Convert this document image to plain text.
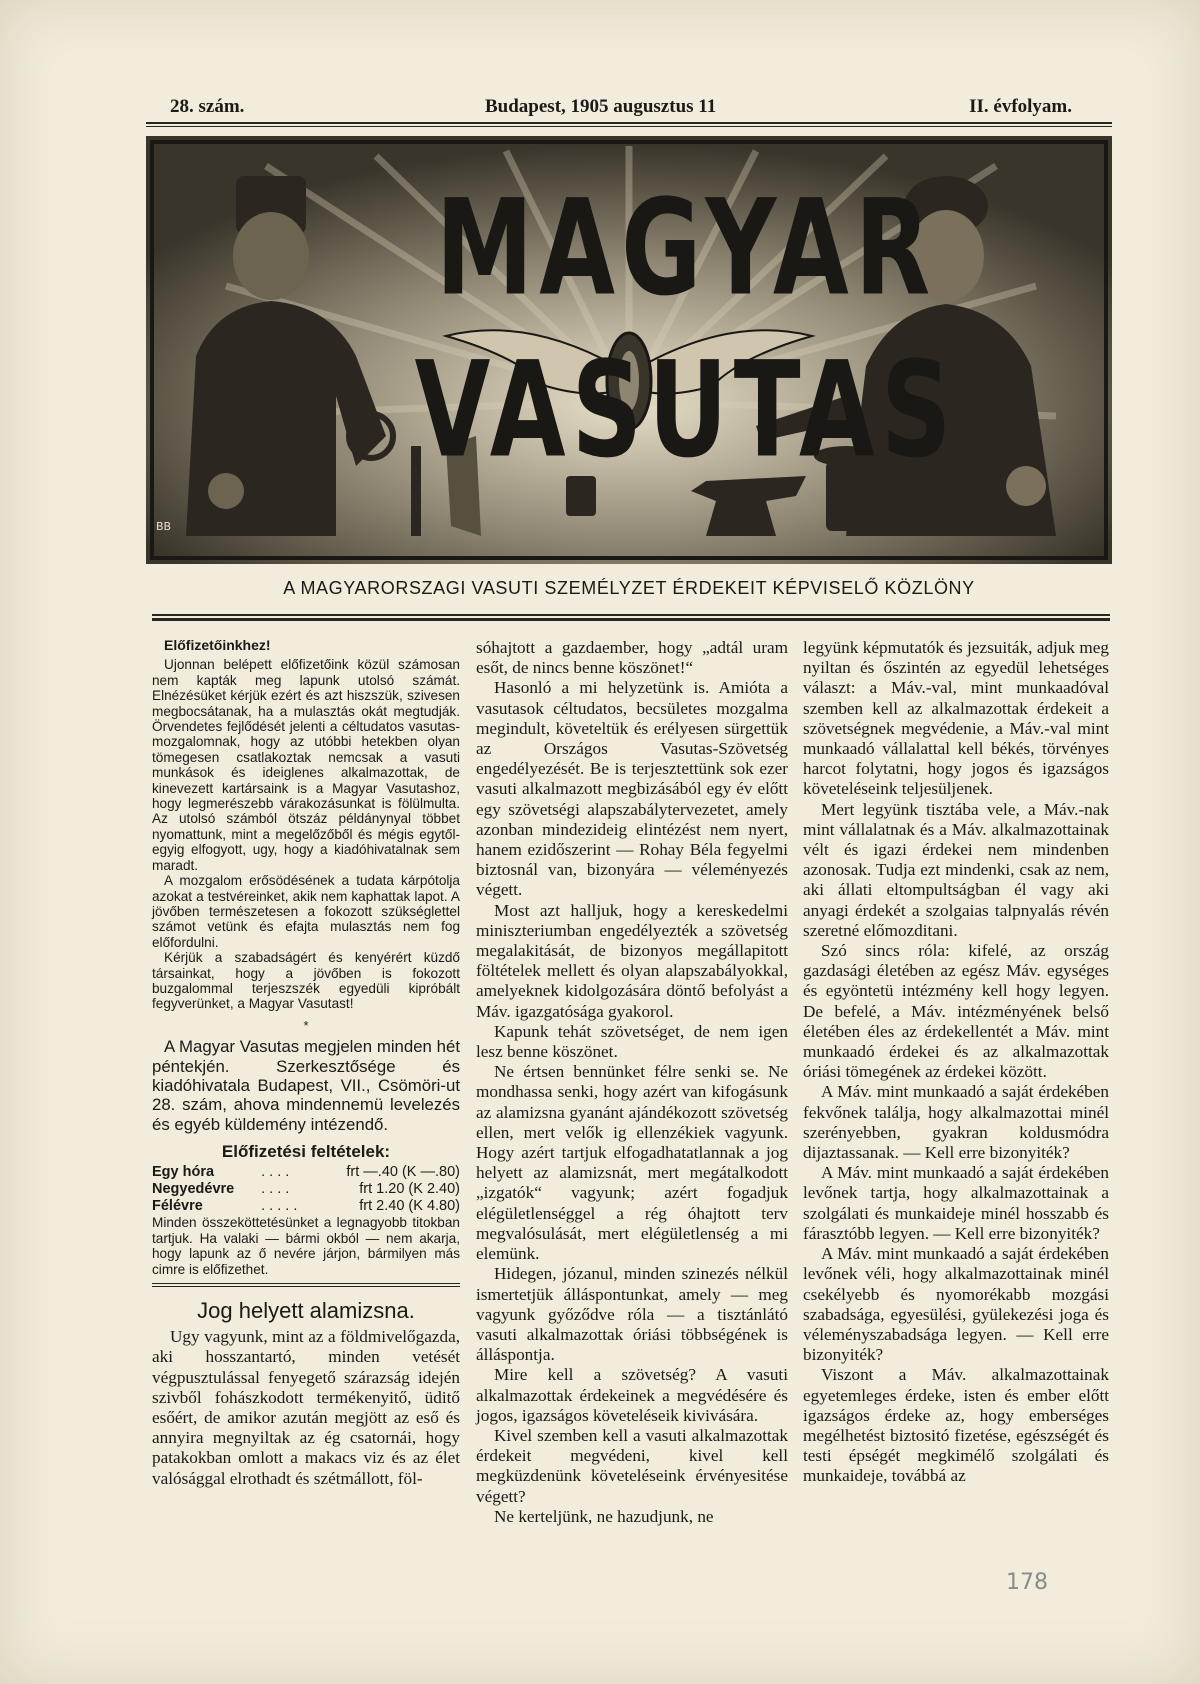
28. szám.	Budapest, 1905 augusztus 11	II. évfolyam.
MAGYAR VASUTAS
BB
A MAGYARORSZAGI VASUTI SZEMÉLYZET ÉRDEKEIT KÉPVISELŐ KÖZLÖNY
Előfizetőinkhez!

Ujonnan belépett előfizetőink közül számosan nem kapták meg lapunk utolsó számát. Elnézésüket kérjük ezért és azt hiszszük, szivesen megbocsátanak, ha a mulasztás okát megtudják. Örvendetes fejlődését jelenti a céltudatos vasutas-mozgalomnak, hogy az utóbbi hetekben olyan tömegesen csatlakoztak nemcsak a vasuti munkások és ideiglenes alkalmazottak, de kinevezett kartársaink is a Magyar Vasutashoz, hogy legmerészebb várakozásunkat is fölülmulta. Az utolsó számból ötszáz példánynyal többet nyomattunk, mint a megelőzőből és mégis egytől-egyig elfogyott, ugy, hogy a kiadóhivatalnak sem maradt.

A mozgalom erősödésének a tudata kárpótolja azokat a testvéreinket, akik nem kaphattak lapot. A jövőben természetesen a fokozott szükséglettel számot vetünk és efajta mulasztás nem fog előfordulni.

Kérjük a szabadságért és kenyérért küzdő társainkat, hogy a jövőben is fokozott buzgalommal terjeszszék egyedüli kipróbált fegyverünket, a Magyar Vasutast!

*

A Magyar Vasutas megjelen minden hét péntekjén. Szerkesztősége és kiadóhivatala Budapest, VII., Csömöri-ut 28. szám, ahova mindennemü levelezés és egyéb küldemény intézendő.

Előfizetési feltételek:
Egy hóra	. . . .	frt —.40 (K —.80)
Negyedévre	. . . .	frt 1.20 (K 2.40)
Félévre	. . . . .	frt 2.40 (K 4.80)
Minden összeköttetésünket a legnagyobb titokban tartjuk. Ha valaki — bármi okból — nem akarja, hogy lapunk az ő nevére járjon, bármilyen más cimre is előfizethet.
Jog helyett alamizsna.

Ugy vagyunk, mint az a földmivelőgazda, aki hosszantartó, minden vetését végpusztulással fenyegető szárazság idején szivből fohászkodott termékenyitő, üditő esőért, de amikor azután megjött az eső és annyira megnyiltak az ég csatornái, hogy patakokban omlott a makacs viz és az élet valósággal elrothadt és szétmállott, föl-

sóhajtott a gazdaember, hogy „adtál uram esőt, de nincs benne köszönet!“

Hasonló a mi helyzetünk is. Amióta a vasutasok céltudatos, becsületes mozgalma megindult, követeltük és erélyesen sürgettük az Országos Vasutas-Szövetség engedélyezését. Be is terjesztettünk sok ezer vasuti alkalmazott megbizásából egy év előtt egy szövetségi alapszabálytervezetet, amely azonban mindezideig elintézést nem nyert, hanem ezidőszerint — Rohay Béla fegyelmi biztosnál van, bizonyára — véleményezés végett.

Most azt halljuk, hogy a kereskedelmi miniszteriumban engedélyezték a szövetség megalakitását, de bizonyos megállapitott föltételek mellett és olyan alapszabályokkal, amelyeknek kidolgozására döntő befolyást a Máv. igazgatósága gyakorol.

Kapunk tehát szövetséget, de nem igen lesz benne köszönet.

Ne értsen bennünket félre senki se. Ne mondhassa senki, hogy azért van kifogásunk az alamizsna gyanánt ajándékozott szövetség ellen, mert velők ig ellenzékiek vagyunk. Hogy azért tartjuk elfogadhatatlannak a jog helyett az alamizsnát, mert megátalkodott „izgatók“ vagyunk; azért fogadjuk elégületlenséggel a rég óhajtott terv megvalósulását, mert elégületlenség a mi elemünk.

Hidegen, józanul, minden szinezés nélkül ismertetjük álláspontunkat, amely — meg vagyunk győződve róla — a tisztánlátó vasuti alkalmazottak óriási többségének is álláspontja.

Mire kell a szövetség? A vasuti alkalmazottak érdekeinek a megvédésére és jogos, igazságos követeléseik kivivására.

Kivel szemben kell a vasuti alkalmazottak érdekeit megvédeni, kivel kell megküzdenünk követeléseink érvényesitése végett?

Ne kerteljünk, ne hazudjunk, ne

legyünk képmutatók és jezsuiták, adjuk meg nyiltan és őszintén az egyedül lehetséges választ: a Máv.-val, mint munkaadóval szemben kell az alkalmazottak érdekeit a szövetségnek megvédenie, a Máv.-val mint munkaadó vállalattal kell békés, törvényes harcot folytatni, hogy jogos és igazságos követeléseink teljesüljenek.

Mert legyünk tisztába vele, a Máv.-nak mint vállalatnak és a Máv. alkalmazottainak vélt és igazi érdekei nem mindenben azonosak. Tudja ezt mindenki, csak az nem, aki állati eltompultságban él vagy aki anyagi érdekét a szolgaias talpnyalás révén szeretné előmozditani.

Szó sincs róla: kifelé, az ország gazdasági életében az egész Máv. egységes és egyöntetü intézmény kell hogy legyen. De befelé, a Máv. intézményének belső életében éles az érdekellentét a Máv. mint munkaadó érdekei és az alkalmazottak óriási tömegének az érdekei között.

A Máv. mint munkaadó a saját érdekében fekvőnek találja, hogy alkalmazottai minél szerényebben, gyakran koldusmódra dijaztassanak. — Kell erre bizonyiték?

A Máv. mint munkaadó a saját érdekében levőnek tartja, hogy alkalmazottainak a szolgálati és munkaideje minél hosszabb és fárasztóbb legyen. — Kell erre bizonyiték?

A Máv. mint munkaadó a saját érdekében levőnek véli, hogy alkalmazottainak minél csekélyebb és nyomorékabb mozgási szabadsága, egyesülési, gyülekezési joga és véleményszabadsága legyen. — Kell erre bizonyiték?

Viszont a Máv. alkalmazottainak egyetemleges érdeke, isten és ember előtt igazságos érdeke az, hogy emberséges megélhetést biztositó fizetése, egészségét és testi épségét megkimélő szolgálati és munkaideje, továbbá az

178
